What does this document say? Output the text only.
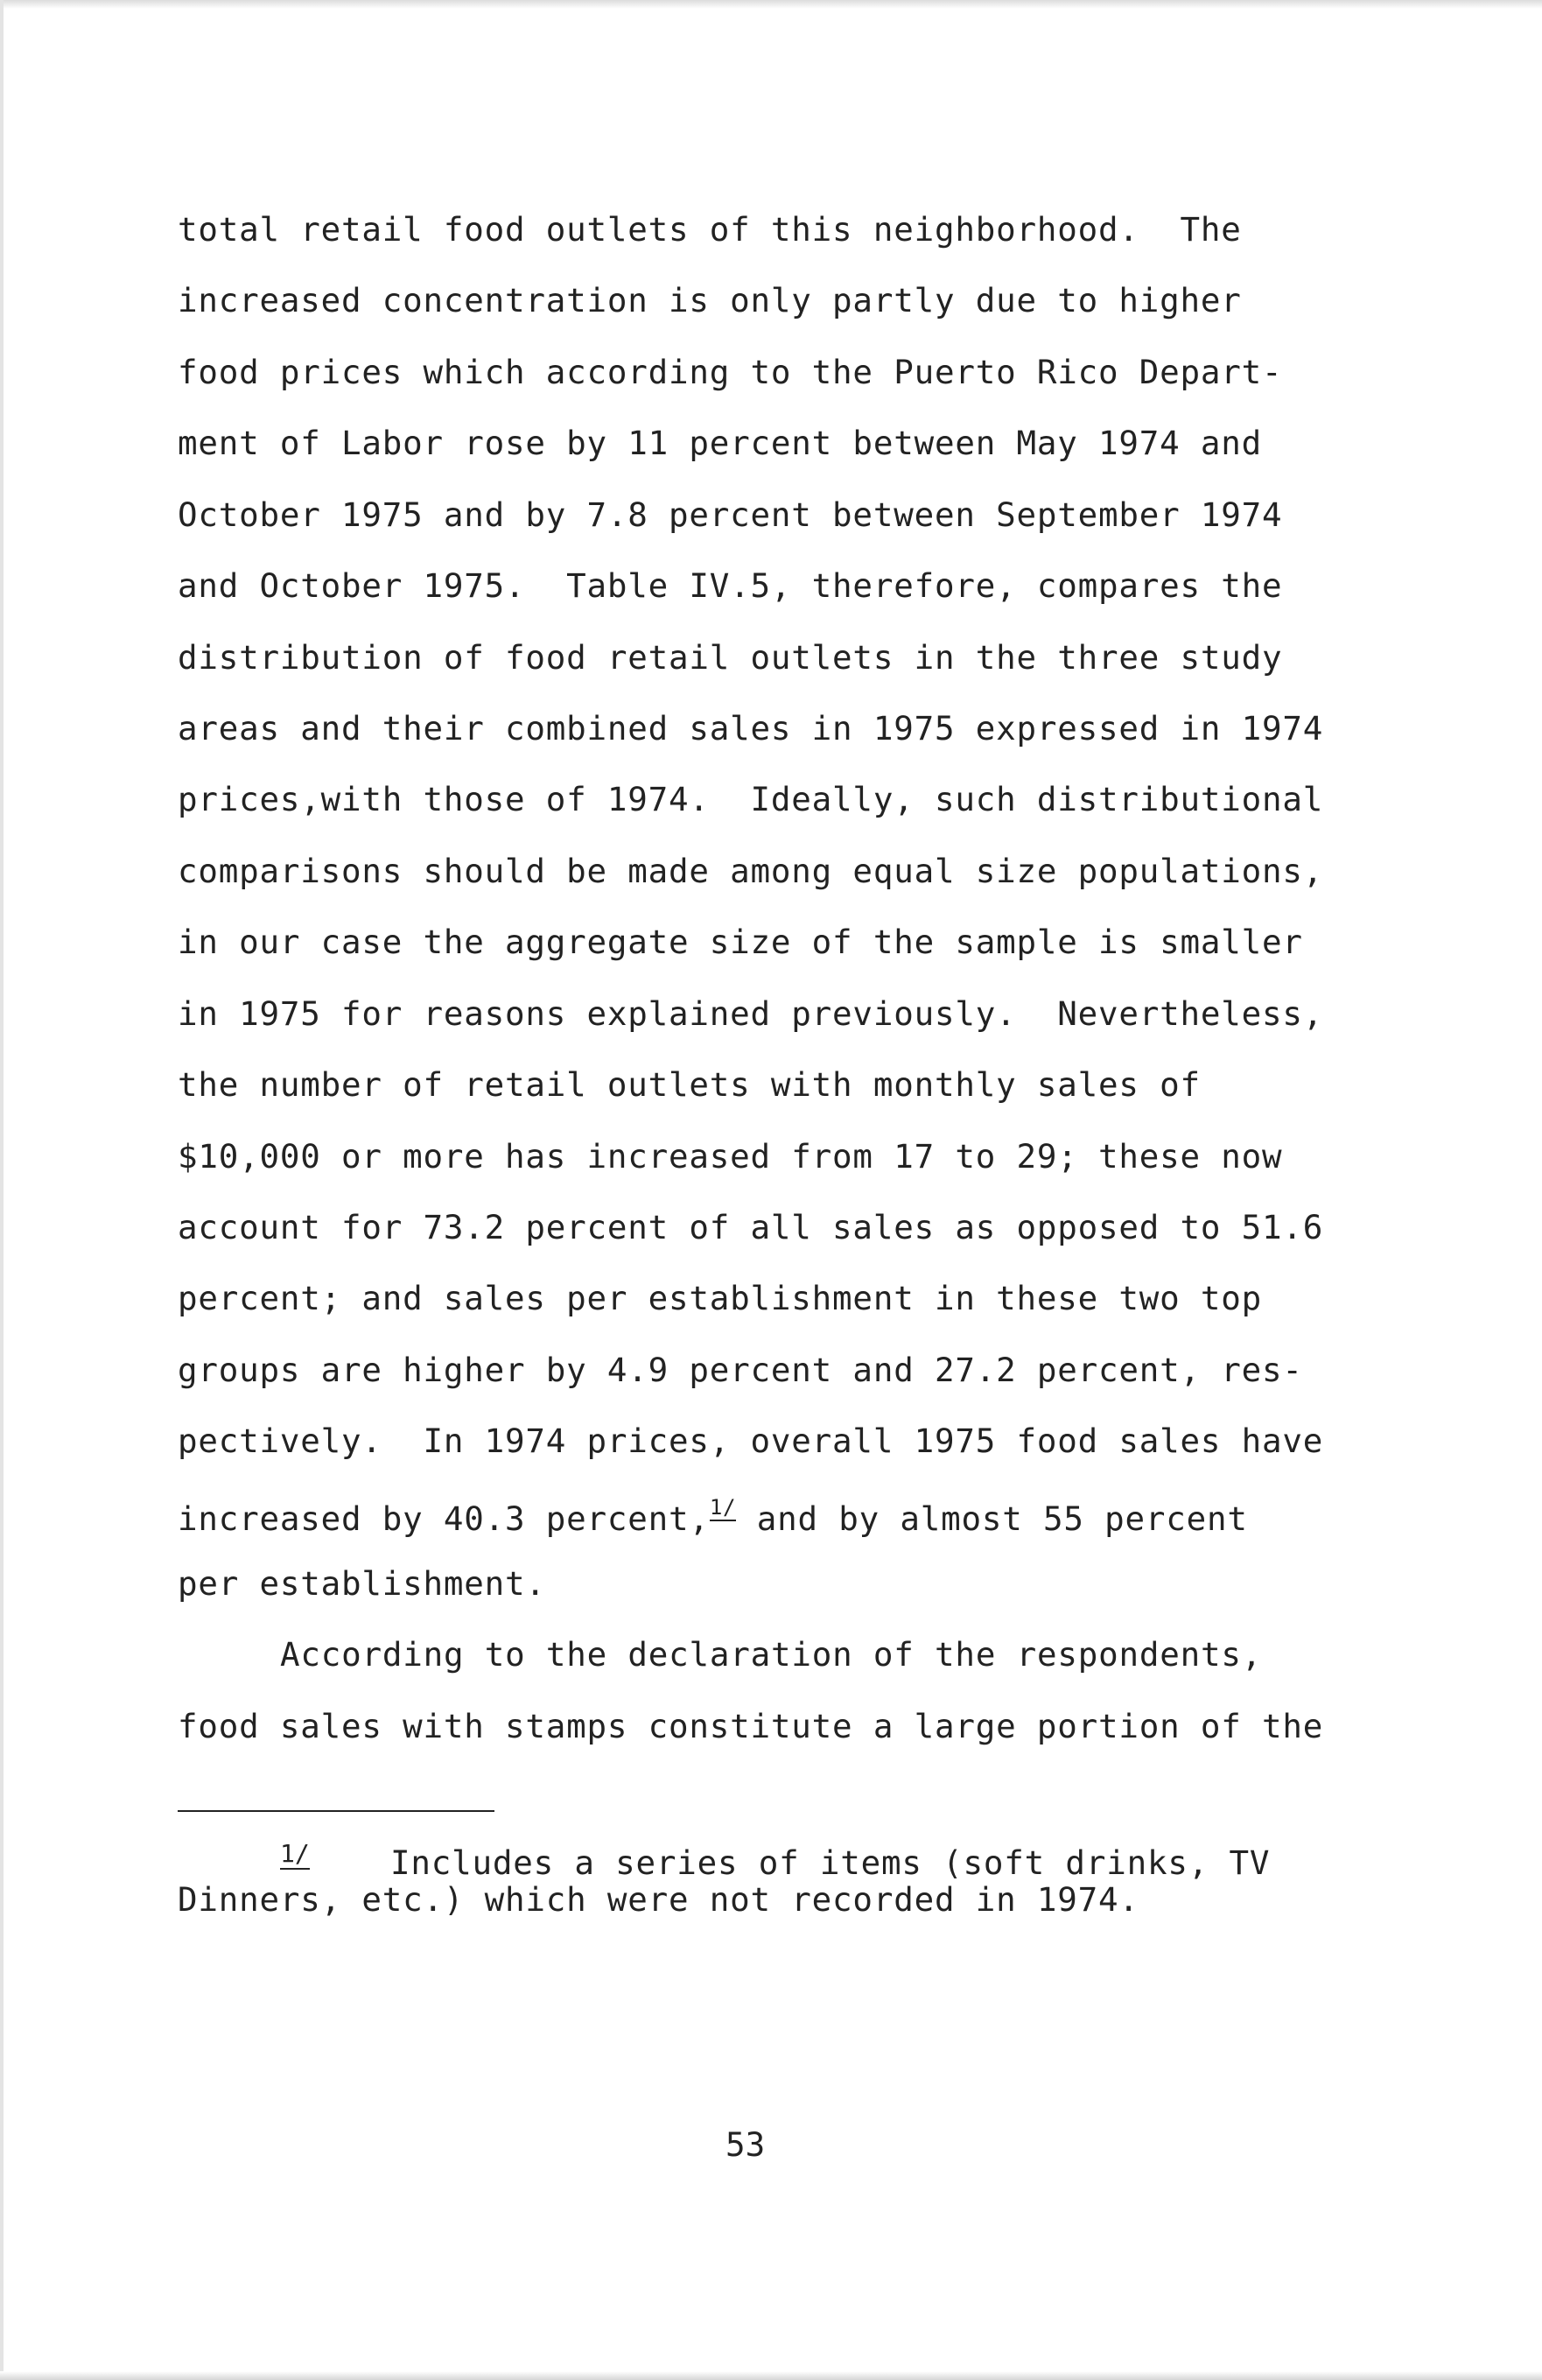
total retail food outlets of this neighborhood.  The

increased concentration is only partly due to higher

food prices which according to the Puerto Rico Depart-

ment of Labor rose by 11 percent between May 1974 and

October 1975 and by 7.8 percent between September 1974

and October 1975.  Table IV.5, therefore, compares the

distribution of food retail outlets in the three study

areas and their combined sales in 1975 expressed in 1974

prices,with those of 1974.  Ideally, such distributional

comparisons should be made among equal size populations,

in our case the aggregate size of the sample is smaller

in 1975 for reasons explained previously.  Nevertheless,

the number of retail outlets with monthly sales of

$10,000 or more has increased from 17 to 29; these now

account for 73.2 percent of all sales as opposed to 51.6

percent; and sales per establishment in these two top

groups are higher by 4.9 percent and 27.2 percent, res-

pectively.  In 1974 prices, overall 1975 food sales have

increased by 40.3 percent,$^{1/}$ and by almost 55 percent

per establishment.

According to the declaration of the respondents,

food sales with stamps constitute a large portion of the

1/ Includes a series of items (soft drinks, TV

Dinners, etc.) which were not recorded in 1974.

53
